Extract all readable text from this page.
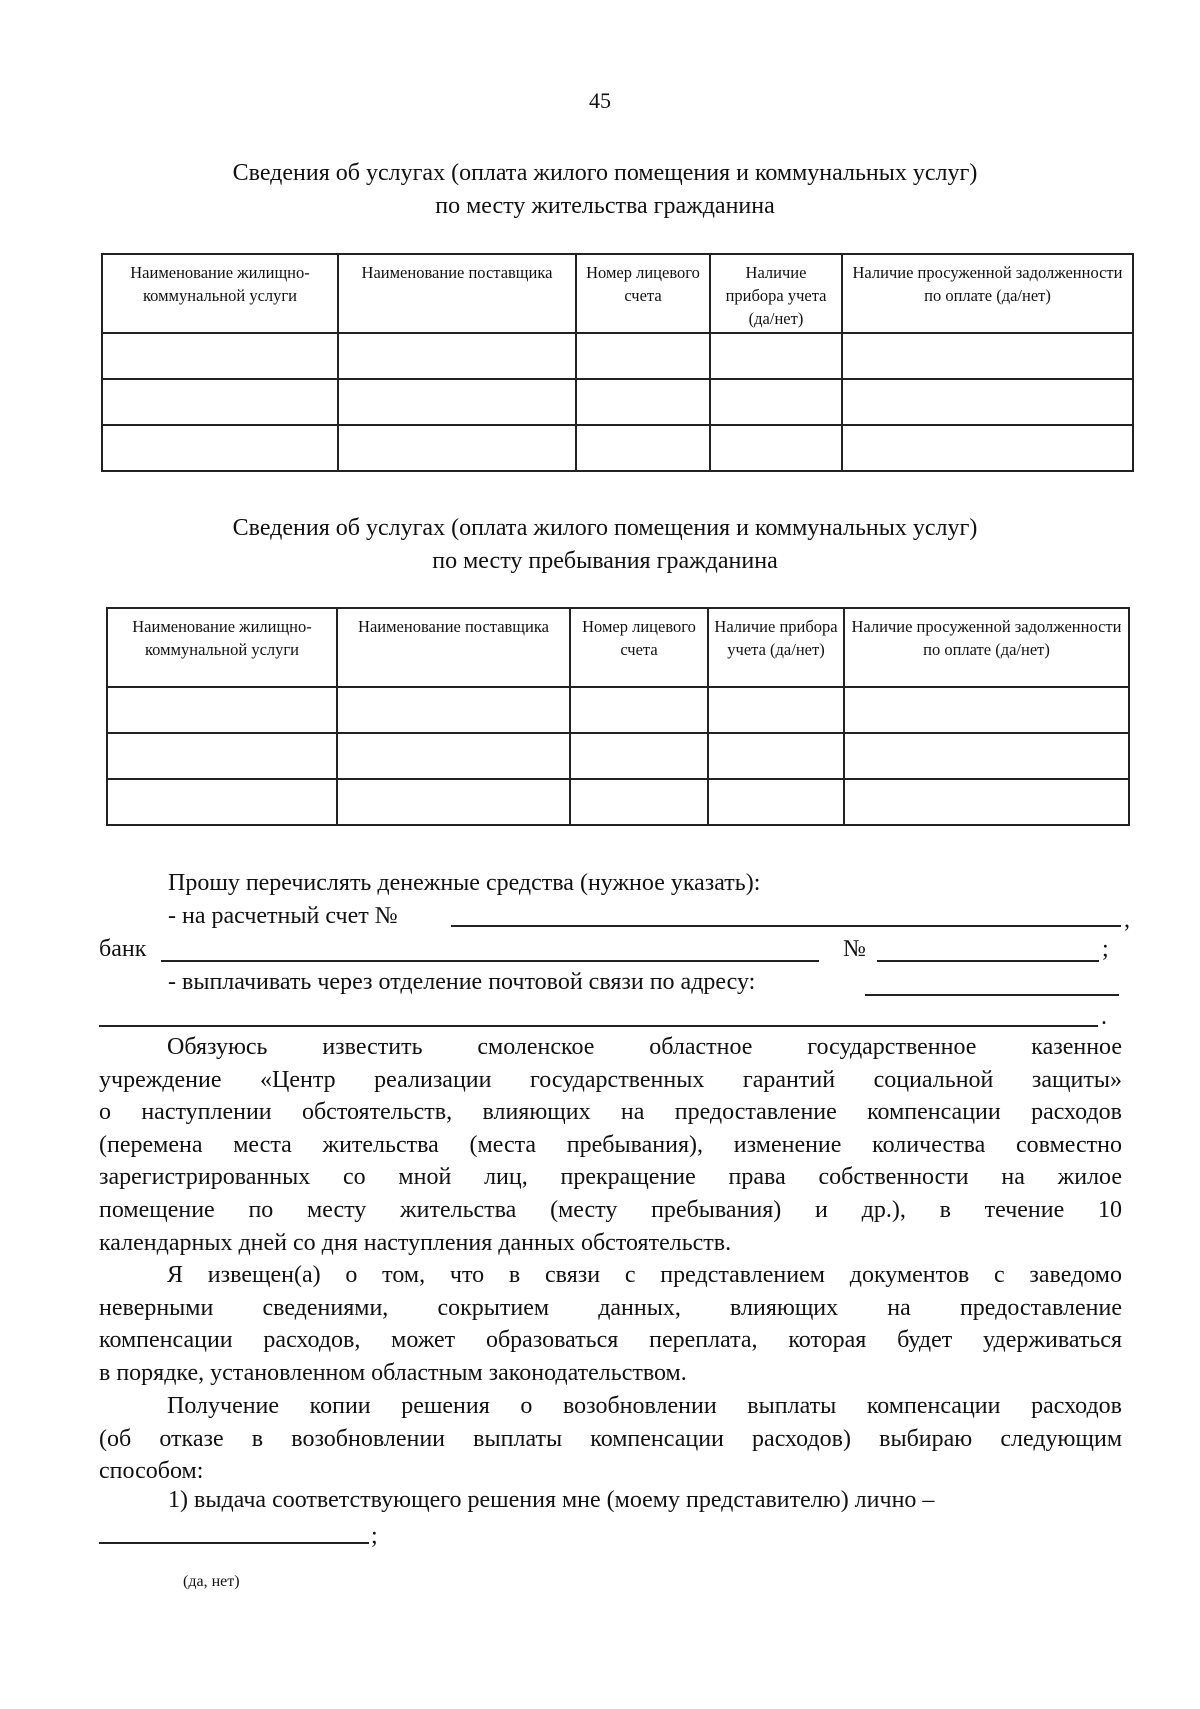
45
Сведения об услугах (оплата жилого помещения и коммунальных услуг)
по месту жительства гражданина
Наименование жилищно-коммунальной услуги	Наименование поставщика	Номер лицевого счета	Наличие прибора учета (да/нет)	Наличие просуженной задолженности по оплате (да/нет)

Сведения об услугах (оплата жилого помещения и коммунальных услуг)
по месту пребывания гражданина
Наименование жилищно-коммунальной услуги	Наименование поставщика	Номер лицевого счета	Наличие прибора учета (да/нет)	Наличие просуженной задолженности по оплате (да/нет)

Прошу перечислять денежные средства (нужное указать):
- на расчетный счет №	,
банк	№	;
- выплачивать через отделение почтовой связи по адресу:
.
Обязуюсь известить смоленское областное государственное казенное
учреждение «Центр реализации государственных гарантий социальной защиты»
о наступлении обстоятельств, влияющих на предоставление компенсации расходов
(перемена места жительства (места пребывания), изменение количества совместно
зарегистрированных со мной лиц, прекращение права собственности на жилое
помещение по месту жительства (месту пребывания) и др.), в течение 10
календарных дней со дня наступления данных обстоятельств.
Я извещен(а) о том, что в связи с представлением документов с заведомо
неверными сведениями, сокрытием данных, влияющих на предоставление
компенсации расходов, может образоваться переплата, которая будет удерживаться
в порядке, установленном областным законодательством.
Получение копии решения о возобновлении выплаты компенсации расходов
(об отказе в возобновлении выплаты компенсации расходов) выбираю следующим
способом:
1) выдача соответствующего решения мне (моему представителю) лично –
;
(да, нет)
